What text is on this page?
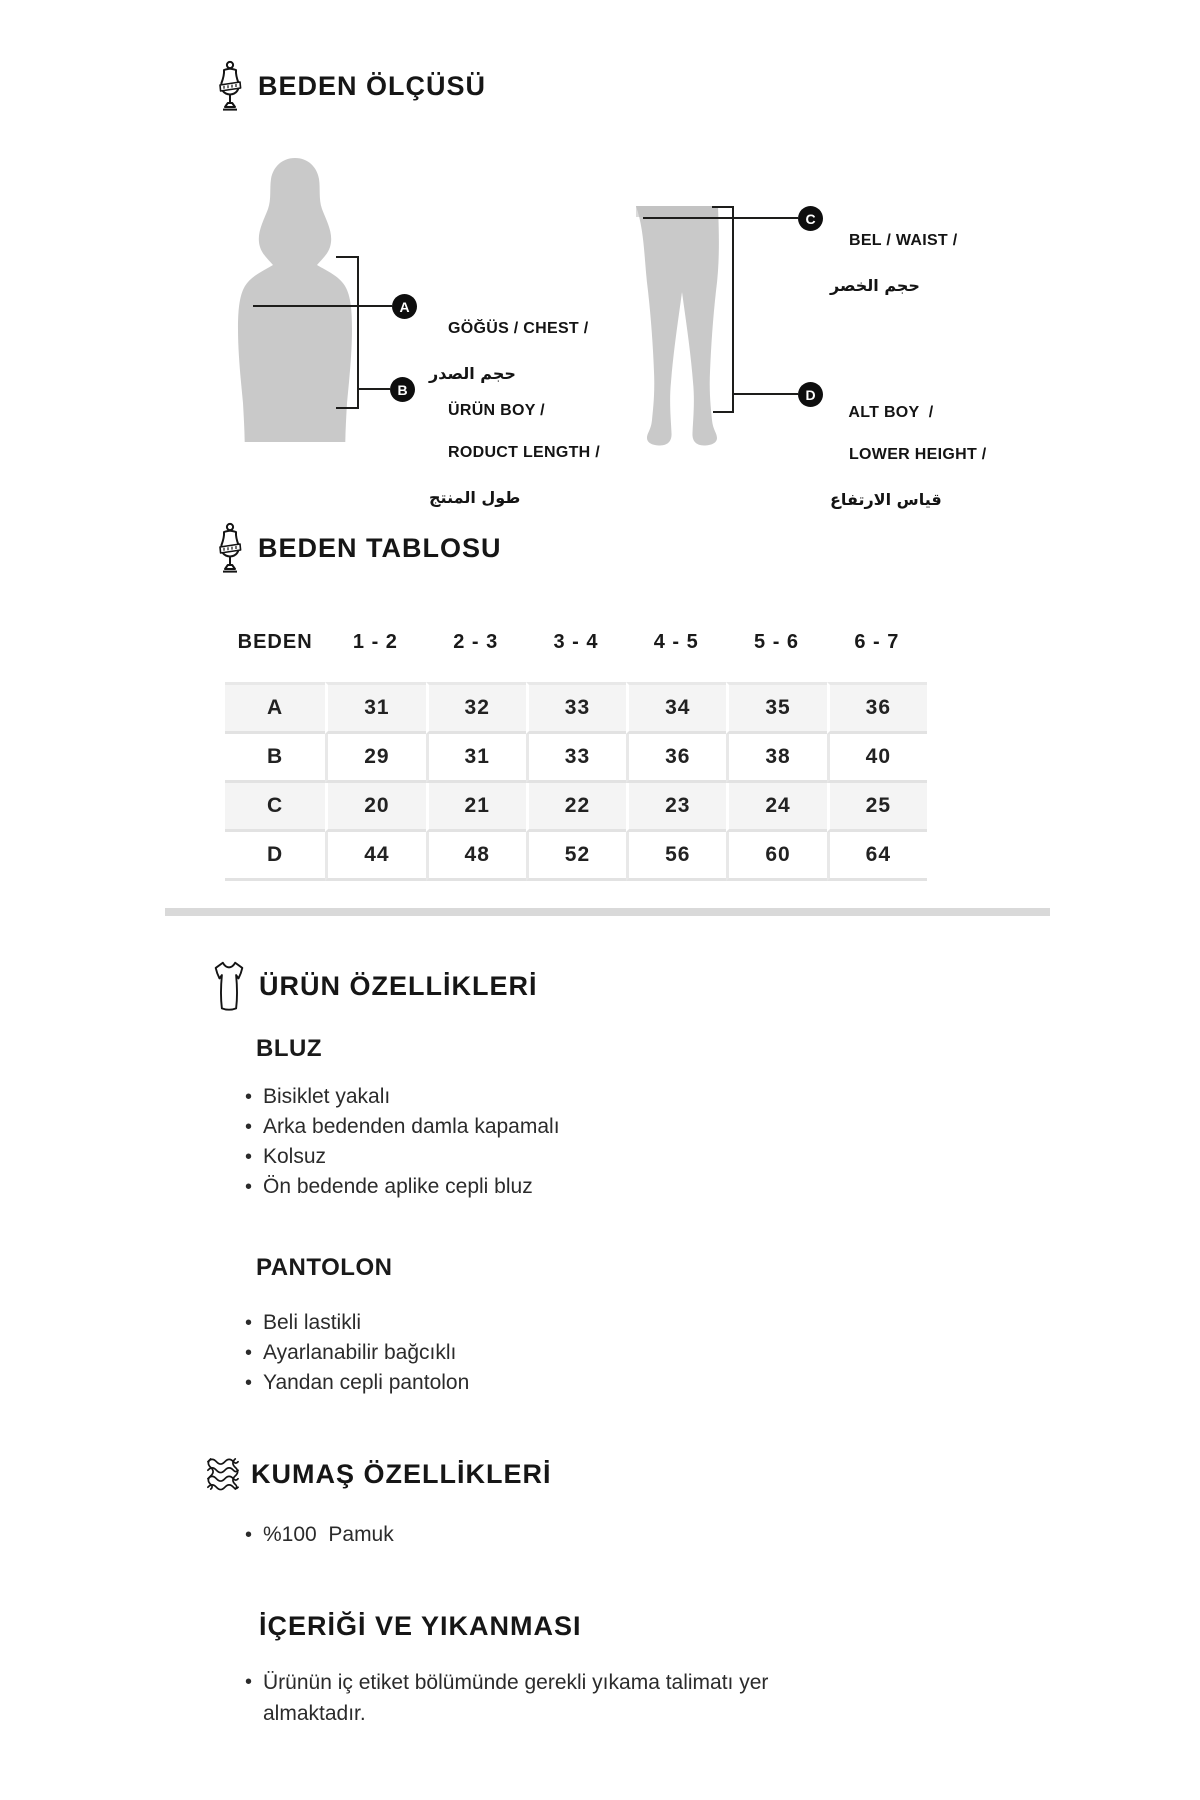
BEDEN ÖLÇÜSÜ
A
B
C
D

GÖĞÜS / CHEST /

حجم الصدر

ÜRÜN BOY /

RODUCT LENGTH /

طول المنتج

BEL / WAIST /

حجم الخصر

ALT BOY  /

LOWER HEIGHT /

قياس الارتفاع

BEDEN TABLOSU
BEDEN	1 - 2	2 - 3	3 - 4	4 - 5	5 - 6	6 - 7
A	31	32	33	34	35	36
B	29	31	33	36	38	40
C	20	21	22	23	24	25
D	44	48	52	56	60	64
ÜRÜN ÖZELLİKLERİ
BLUZ
• Bisiklet yakalı
• Arka bedenden damla kapamalı
• Kolsuz
• Ön bedende aplike cepli bluz
PANTOLON
• Beli lastikli
• Ayarlanabilir bağcıklı
• Yandan cepli pantolon
KUMAŞ ÖZELLİKLERİ
• %100  Pamuk
İÇERİĞİ VE YIKANMASI
• Ürünün iç etiket bölümünde gerekli yıkama talimatı yer almaktadır.
